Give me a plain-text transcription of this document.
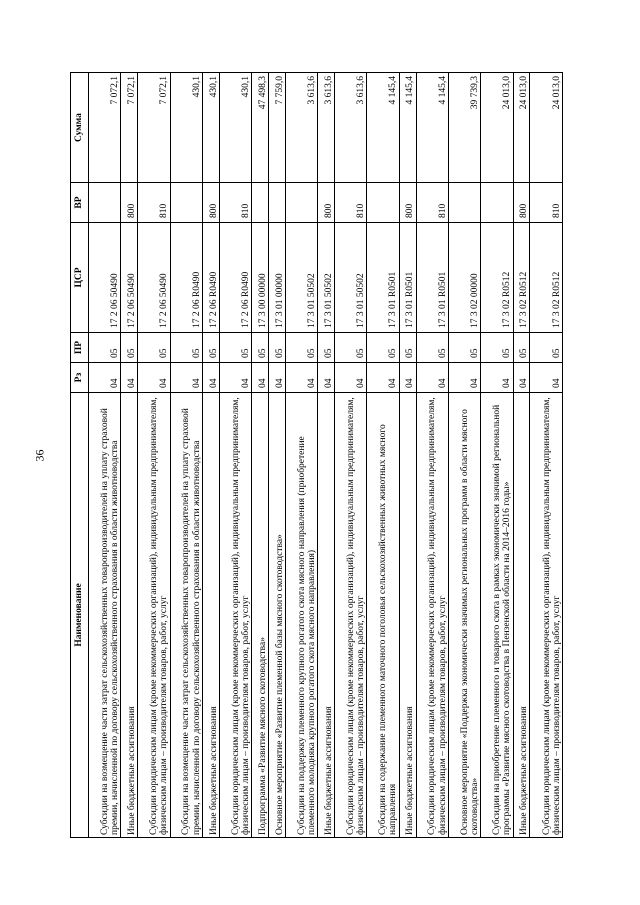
36
Наименование	Рз	ПР	ЦСР	ВР	Сумма
Субсидии на возмещение части затрат сельскохозяйственных товаропроизводителей на уплату страховой премии, начисленной по договору сельскохозяйственного страхования в области животноводства	04	05	17 2 06 50490		7 072,1
Иные бюджетные ассигнования	04	05	17 2 06 50490	800	7 072,1
Субсидии юридическим лицам (кроме некоммерческих организаций), индивидуальным предпринимателям, физическим лицам – производителям товаров, работ, услуг	04	05	17 2 06 50490	810	7 072,1
Субсидии на возмещение части затрат сельскохозяйственных товаропроизводителей на уплату страховой премии, начисленной по договору сельскохозяйственного страхования в области животноводства	04	05	17 2 06 R0490		430,1
Иные бюджетные ассигнования	04	05	17 2 06 R0490	800	430,1
Субсидии юридическим лицам (кроме некоммерческих организаций), индивидуальным предпринимателям, физическим лицам – производителям товаров, работ, услуг	04	05	17 2 06 R0490	810	430,1
Подпрограмма «Развитие мясного скотоводства»	04	05	17 3 00 00000		47 498,3
Основное мероприятие «Развитие племенной базы мясного скотоводства»	04	05	17 3 01 00000		7 759,0
Субсидии на поддержку племенного крупного рогатого скота мясного направления (приобретение племенного молодняка крупного рогатого скота мясного направления)	04	05	17 3 01 50502		3 613,6
Иные бюджетные ассигнования	04	05	17 3 01 50502	800	3 613,6
Субсидии юридическим лицам (кроме некоммерческих организаций), индивидуальным предпринимателям, физическим лицам – производителям товаров, работ, услуг	04	05	17 3 01 50502	810	3 613,6
Субсидии на содержание племенного маточного поголовья сельскохозяйственных животных мясного направления	04	05	17 3 01 R0501		4 145,4
Иные бюджетные ассигнования	04	05	17 3 01 R0501	800	4 145,4
Субсидии юридическим лицам (кроме некоммерческих организаций), индивидуальным предпринимателям, физическим лицам – производителям товаров, работ, услуг	04	05	17 3 01 R0501	810	4 145,4
Основное мероприятие «Поддержка экономически значимых региональных программ в области мясного скотоводства»	04	05	17 3 02 00000		39 739,3
Субсидии на приобретение племенного и товарного скота в рамках экономически значимой региональной программы «Развитие мясного скотоводства в Пензенской области на 2014–2016 годы»	04	05	17 3 02 R0512		24 013,0
Иные бюджетные ассигнования	04	05	17 3 02 R0512	800	24 013,0
Субсидии юридическим лицам (кроме некоммерческих организаций), индивидуальным предпринимателям, физическим лицам – производителям товаров, работ, услуг	04	05	17 3 02 R0512	810	24 013,0
